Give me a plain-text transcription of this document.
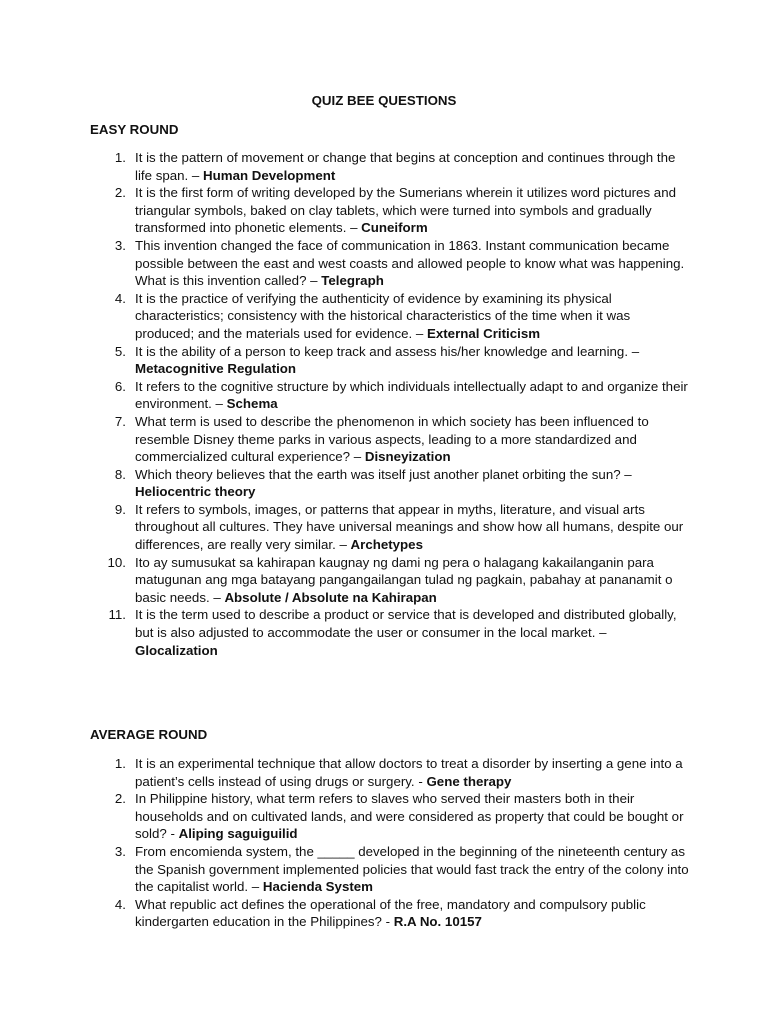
QUIZ BEE QUESTIONS
EASY ROUND
1. It is the pattern of movement or change that begins at conception and continues through the life span. – Human Development
2. It is the first form of writing developed by the Sumerians wherein it utilizes word pictures and triangular symbols, baked on clay tablets, which were turned into symbols and gradually transformed into phonetic elements. – Cuneiform
3. This invention changed the face of communication in 1863. Instant communication became possible between the east and west coasts and allowed people to know what was happening. What is this invention called? – Telegraph
4. It is the practice of verifying the authenticity of evidence by examining its physical characteristics; consistency with the historical characteristics of the time when it was produced; and the materials used for evidence. – External Criticism
5. It is the ability of a person to keep track and assess his/her knowledge and learning. – Metacognitive Regulation
6. It refers to the cognitive structure by which individuals intellectually adapt to and organize their environment. – Schema
7. What term is used to describe the phenomenon in which society has been influenced to resemble Disney theme parks in various aspects, leading to a more standardized and commercialized cultural experience? – Disneyization
8. Which theory believes that the earth was itself just another planet orbiting the sun? – Heliocentric theory
9. It refers to symbols, images, or patterns that appear in myths, literature, and visual arts throughout all cultures. They have universal meanings and show how all humans, despite our differences, are really very similar. – Archetypes
10. Ito ay sumusukat sa kahirapan kaugnay ng dami ng pera o halagang kakailanganin para matugunan ang mga batayang pangangailangan tulad ng pagkain, pabahay at pananamit o basic needs. – Absolute / Absolute na Kahirapan
11. It is the term used to describe a product or service that is developed and distributed globally, but is also adjusted to accommodate the user or consumer in the local market. – Glocalization
AVERAGE ROUND
1. It is an experimental technique that allow doctors to treat a disorder by inserting a gene into a patient’s cells instead of using drugs or surgery. - Gene therapy
2. In Philippine history, what term refers to slaves who served their masters both in their households and on cultivated lands, and were considered as property that could be bought or sold? - Aliping saguiguilid
3. From encomienda system, the _____ developed in the beginning of the nineteenth century as the Spanish government implemented policies that would fast track the entry of the colony into the capitalist world. – Hacienda System
4. What republic act defines the operational of the free, mandatory and compulsory public kindergarten education in the Philippines? - R.A No. 10157
